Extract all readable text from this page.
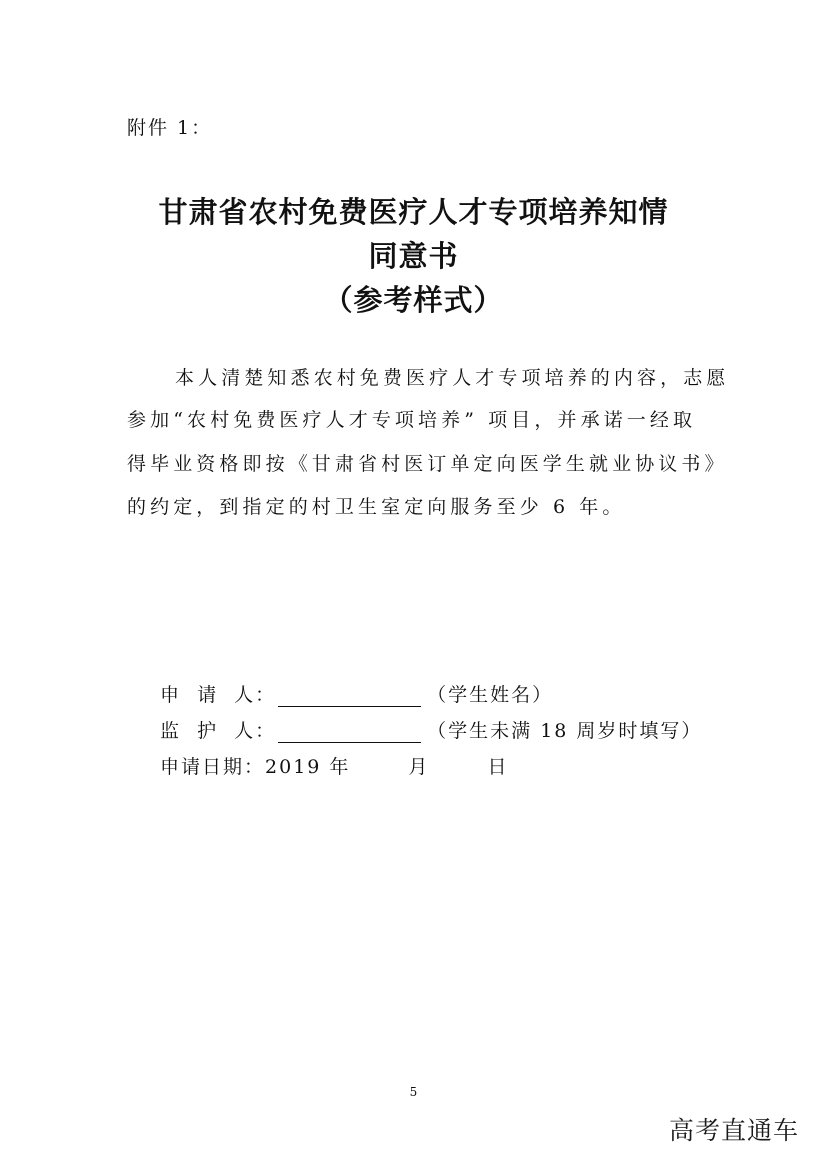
附件 1：
甘肃省农村免费医疗人才专项培养知情
同意书
（参考样式）
本人清楚知悉农村免费医疗人才专项培养的内容，志愿
参加“农村免费医疗人才专项培养” 项目，并承诺一经取
得毕业资格即按《甘肃省村医订单定向医学生就业协议书》
的约定，到指定的村卫生室定向服务至少 6 年。
申  请  人：	（学生姓名）
监  护  人：	（学生未满 18 周岁时填写）
申请日期： 2019 年	月	日
5
高考直通车
